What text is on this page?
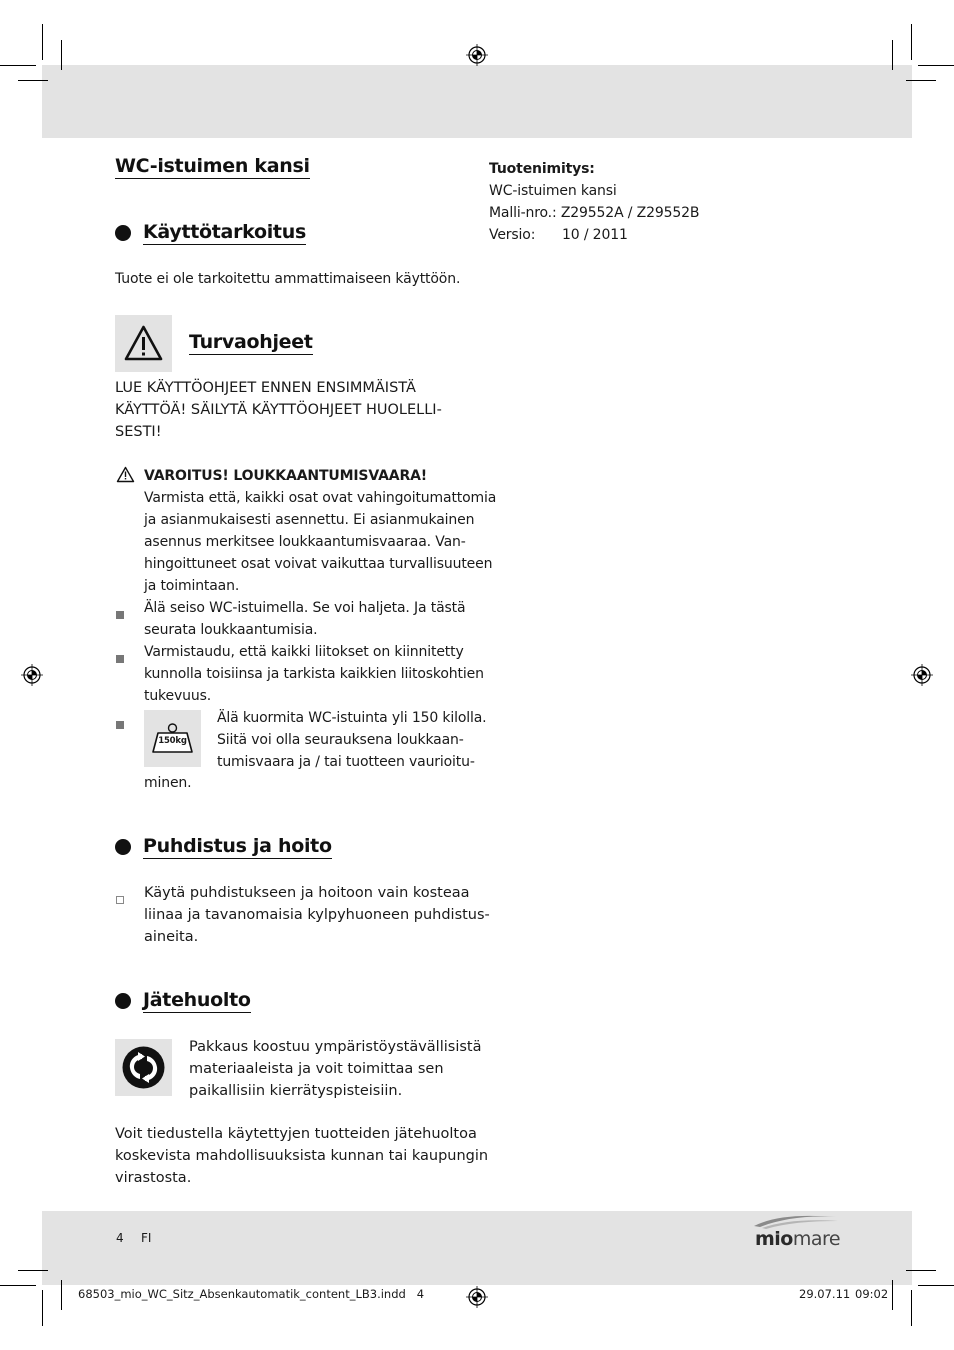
WC-istuimen kansi
Käyttötarkoitus
Tuote ei ole tarkoitettu ammattimaiseen käyttöön.
Turvaohjeet
LUE KÄYTTÖOHJEET ENNEN ENSIMMÄISTÄ
KÄYTTÖÄ! SÄILYTÄ KÄYTTÖOHJEET HUOLELLI-
SESTI!
VAROITUS! LOUKKAANTUMISVAARA!
Varmista että, kaikki osat ovat vahingoitumattomia
ja asianmukaisesti asennettu. Ei asianmukainen
asennus merkitsee loukkaantumisvaaraa. Van-
hingoittuneet osat voivat vaikuttaa turvallisuuteen
ja toimintaan.
Älä seiso WC-istuimella. Se voi haljeta. Ja tästä
seurata loukkaantumisia.
Varmistaudu, että kaikki liitokset on kiinnitetty
kunnolla toisiinsa ja tarkista kaikkien liitoskohtien
tukevuus.
150kg
Älä kuormita WC-istuinta yli 150 kilolla.
Siitä voi olla seurauksena loukkaan-
tumisvaara ja / tai tuotteen vaurioitu-
minen.
Puhdistus ja hoito
Käytä puhdistukseen ja hoitoon vain kosteaa
liinaa ja tavanomaisia kylpyhuoneen puhdistus-
aineita.
Jätehuolto
Pakkaus koostuu ympäristöystävällisistä
materiaaleista ja voit toimittaa sen
paikallisiin kierrätyspisteisiin.
Voit tiedustella käytettyjen tuotteiden jätehuoltoa
koskevista mahdollisuuksista kunnan tai kaupungin
virastosta.
Tuotenimitys:
WC-istuimen kansi
Malli-nro.: Z29552A / Z29552B
Versio: 10 / 2011
4 FI	miomare
68503_mio_WC_Sitz_Absenkautomatik_content_LB3.indd   4	29.07.11 09:02
